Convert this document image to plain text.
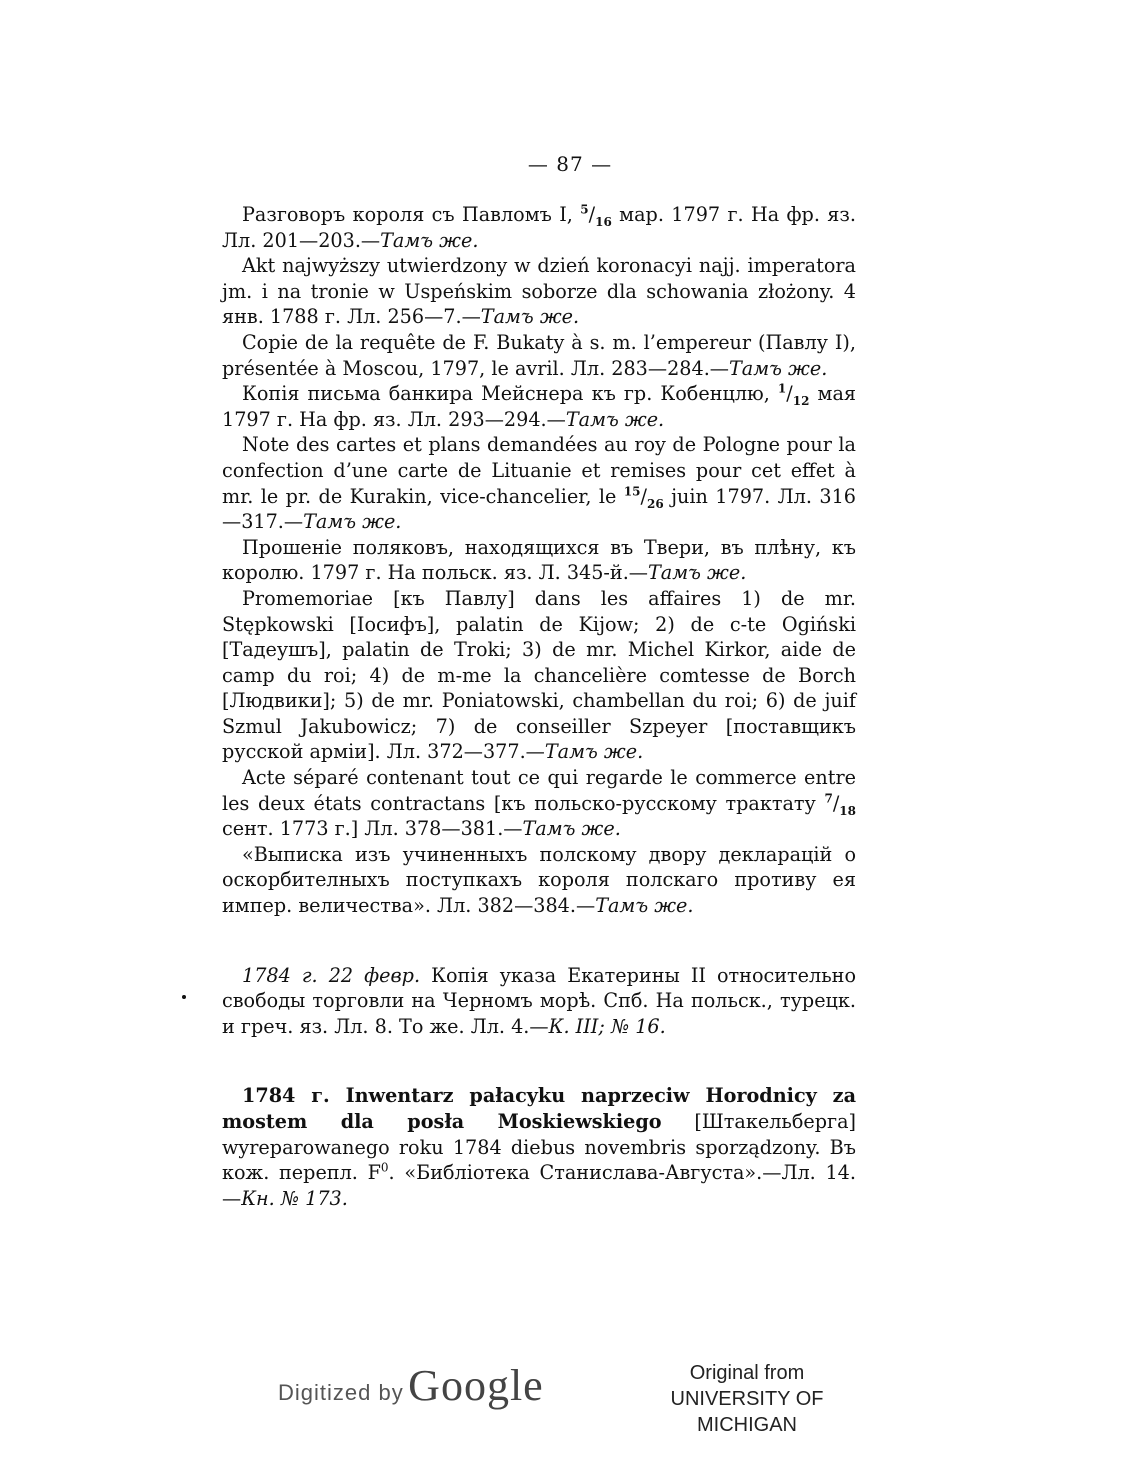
— 87 —

Разговоръ короля съ Павломъ I, $^5/_{16}$ мар. 1797 г. На фр. яз. Лл. 201—203.—Тамъ же.

Akt najwyższy utwierdzony w dzień koronacyi najj. imperatora jm. i na tronie w Uspeńskim soborze dla schowania złożony. 4 янв. 1788 г. Лл. 256—7.—Тамъ же.

Copie de la requête de F. Bukaty à s. m. l’empereur (Павлу I), présentée à Moscou, 1797, le avril. Лл. 283—284.—Тамъ же.

Копія письма банкира Мейснера къ гр. Кобенцлю, $^1/_{12}$ мая 1797 г. На фр. яз. Лл. 293—294.—Тамъ же.

Note des cartes et plans demandées au roy de Pologne pour la confection d’une carte de Lituanie et remises pour cet effet à mr. le pr. de Kurakin, vice-chancelier, le $^{15}/_{26}$ juin 1797. Лл. 316—317.—Тамъ же.

Прошеніе поляковъ, находящихся въ Твери, въ плѣну, къ королю. 1797 г. На польск. яз. Л. 345-й.—Тамъ же.

Promemoriae [къ Павлу] dans les affaires 1) de mr. Stępkowski [Іосифъ], palatin de Kijow; 2) de c-te Ogiński [Тадеушъ], palatin de Troki; 3) de mr. Michel Kirkor, aide de camp du roi; 4) de m-me la chancelière comtesse de Borch [Людвики]; 5) de mr. Poniatowski, chambellan du roi; 6) de juif Szmul Jakubowicz; 7) de conseiller Szpeyer [поставщикъ русской арміи]. Лл. 372—377.—Тамъ же.

Acte séparé contenant tout ce qui regarde le commerce entre les deux états contractans [къ польско-русскому трактату $^7/_{18}$ сент. 1773 г.] Лл. 378—381.—Тамъ же.

«Выписка изъ учиненныхъ полскому двору декларацій о оскорбителныхъ поступкахъ короля полскаго противу ея импер. величества». Лл. 382—384.—Тамъ же.

1784 г. 22 февр. Копія указа Екатерины II относительно свободы торговли на Черномъ морѣ. Спб. На польск., турецк. и греч. яз. Лл. 8. То же. Лл. 4.—К. III; № 16.

1784 г. Inwentarz pałacyku naprzeciw Horodnicy za mostem dla posła Moskiewskiego [Штакельберга] wyreparowanego roku 1784 diebus novembris sporządzony. Въ кож. перепл. $F^0$. «Библіотека Станислава-Августа».—Лл. 14.—Кн. № 173.

Digitized by Google	Original from
UNIVERSITY OF MICHIGAN
